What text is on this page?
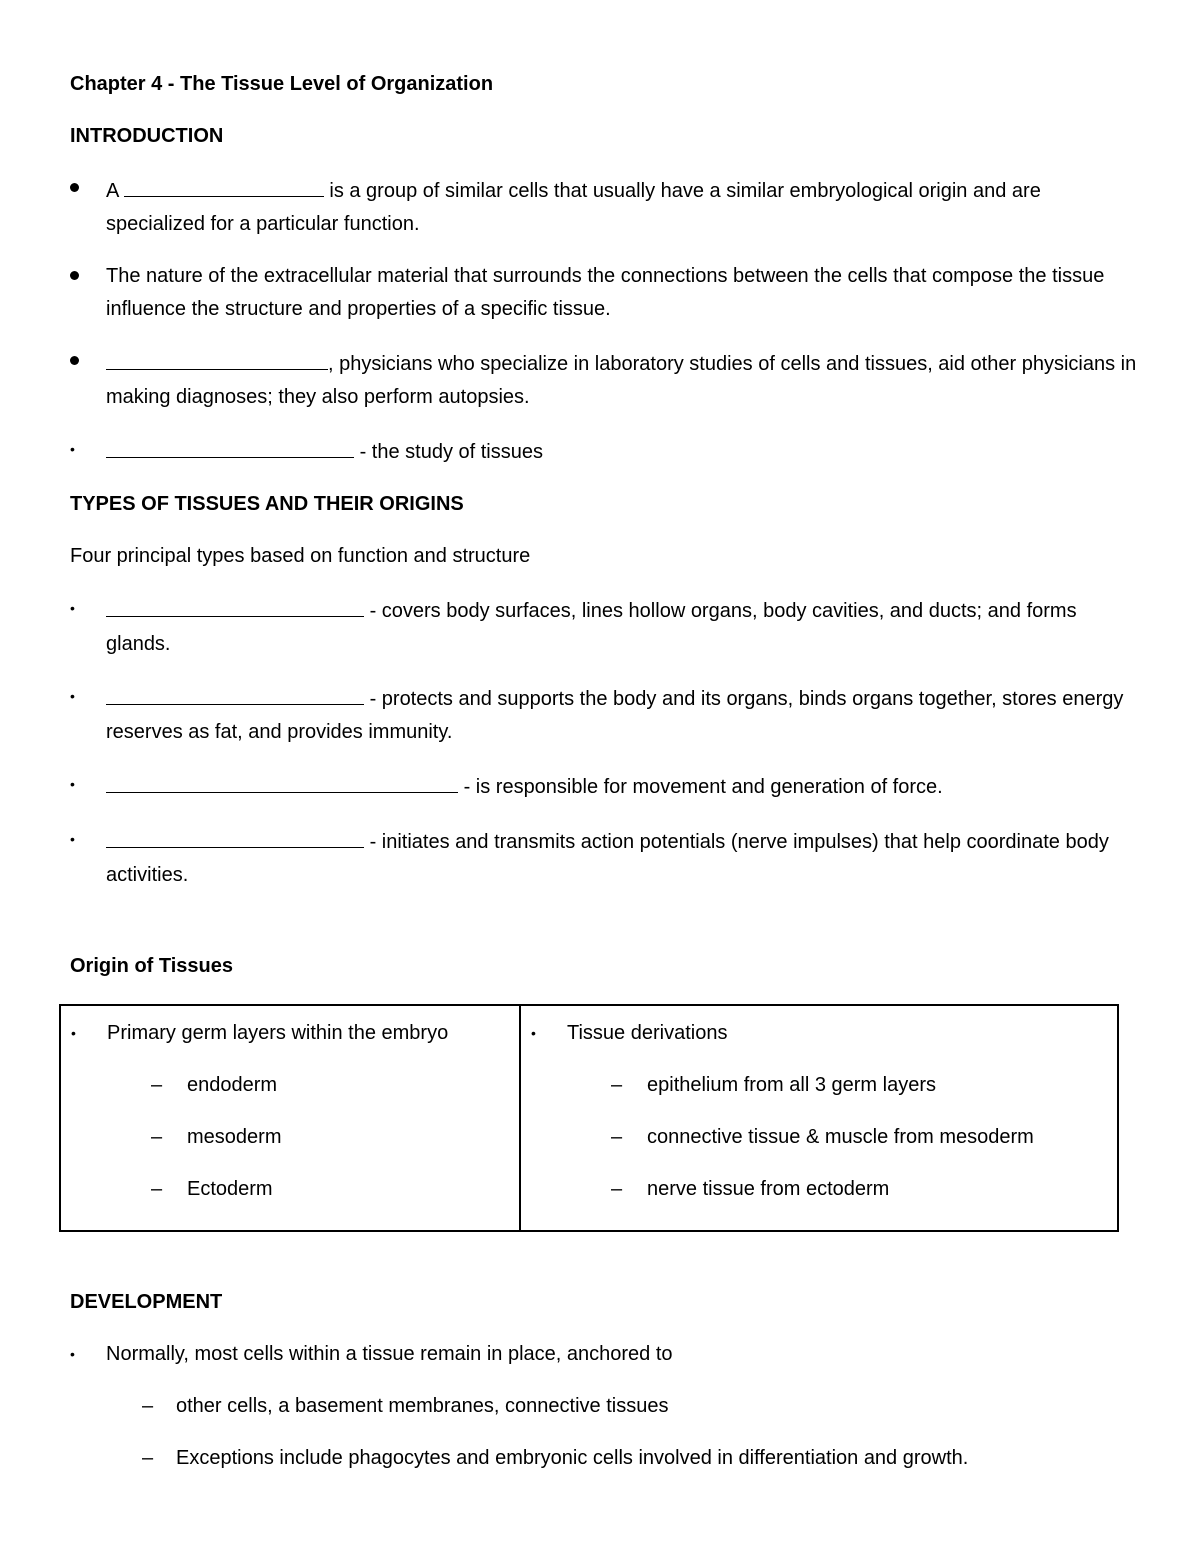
Chapter 4 - The Tissue Level of Organization
INTRODUCTION
A	is a group of similar cells that usually have a similar embryological origin and are specialized for a particular function.
The nature of the extracellular material that surrounds the connections between the cells that compose the tissue influence the structure and properties of a specific tissue.
, physicians who specialize in laboratory studies of cells and tissues, aid other physicians in making diagnoses; they also perform autopsies.
•	- the study of tissues
TYPES OF TISSUES AND THEIR ORIGINS
Four principal types based on function and structure
•	- covers body surfaces, lines hollow organs, body cavities, and ducts; and forms glands.
•	- protects and supports the body and its organs, binds organs together, stores energy reserves as fat, and provides immunity.
•	- is responsible for movement and generation of force.
•	- initiates and transmits action potentials (nerve impulses) that help coordinate body activities.
Origin of Tissues
•	Primary germ layers within the embryo
– endoderm
– mesoderm
– Ectoderm
•	Tissue derivations
– epithelium from all 3 germ layers
– connective tissue & muscle from mesoderm
– nerve tissue from ectoderm
DEVELOPMENT
•	Normally, most cells within a tissue remain in place, anchored to
– other cells, a basement membranes, connective tissues
– Exceptions include phagocytes and embryonic cells involved in differentiation and growth.
